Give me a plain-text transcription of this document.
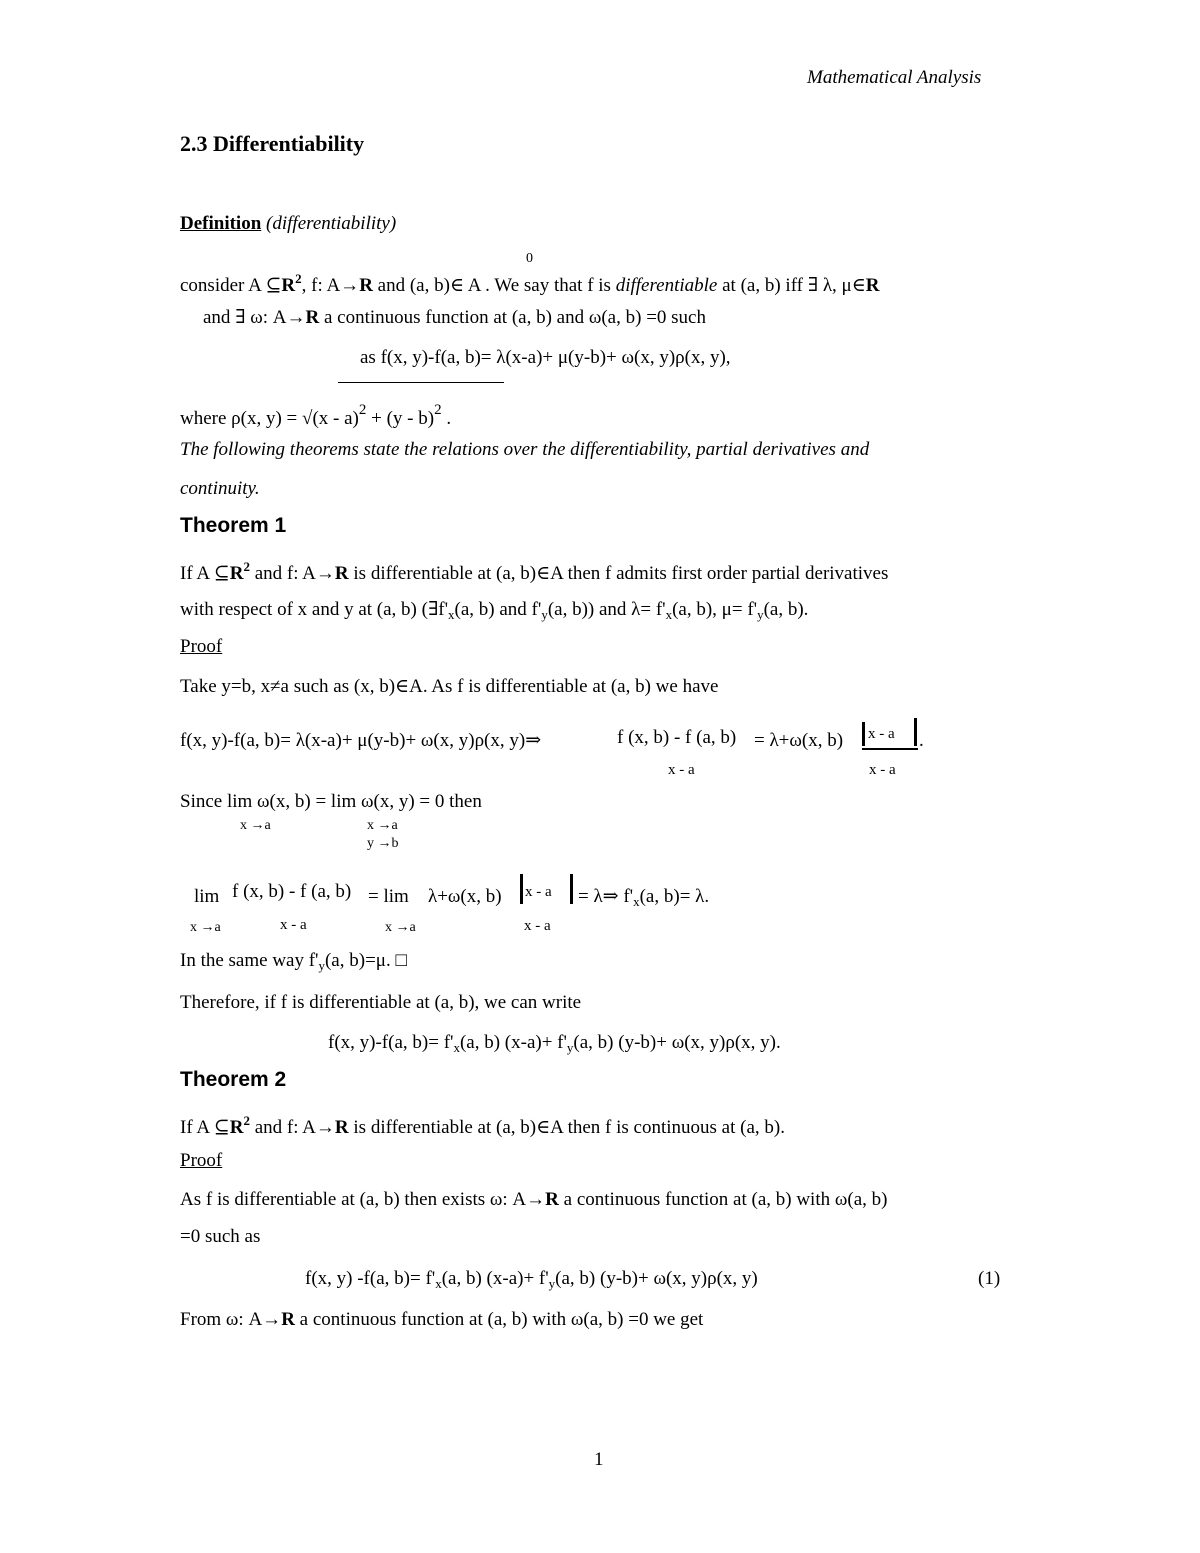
Mathematical Analysis
2.3 Differentiability
Definition (differentiability)
0
consider A $⊆R^2$, f: A→R and (a, b)∈ A . We say that f is differentiable at (a, b) iff ∃ λ, μ∈R
and ∃ ω: A→R a continuous function at (a, b) and ω(a, b) =0 such
as f(x, y)-f(a, b)= λ(x-a)+ μ(y-b)+ ω(x, y)ρ(x, y),
where ρ(x, y) = √(x - a)$^2$ + (y - b)$^2$ .
The following theorems state the relations over the differentiability, partial derivatives and
continuity.
Theorem 1
If A $⊆R^2$ and f: A→R is differentiable at (a, b)∈A then f admits first order partial derivatives
with respect of x and y at (a, b) ($\exists f'_x(a$, b) and $f'_y(a$, b)) and $\lambda= f'_x(a$, b), $\mu= f'_y(a$, b).
Proof
Take y=b, x≠a such as (x, b)∈A. As f is differentiable at (a, b) we have
f(x, y)-f(a, b)= λ(x-a)+ μ(y-b)+ ω(x, y)ρ(x, y)⇒	f (x, b) - f (a, b)
x - a
= λ+ω(x, b) x - a .
x - a
Since lim ω(x, b) = lim ω(x, y) = 0 then
x →a	x →a
y →b
lim
x →a
f (x, b) - f (a, b)
x - a
= lim
x →a
λ+ω(x, b) x - a
x - a
= λ⇒ $f'_x(a$, b)= λ.
In the same way $f'_y(a$, b)=μ. □
Therefore, if f is differentiable at (a, b), we can write
f(x, y)-f(a, $b)= f'_x(a$, b) $(x-a)+ f'_y(a$, b) (y-b)+ ω(x, y)ρ(x, y).
Theorem 2
If A $⊆R^2$ and f: A→R is differentiable at (a, b)∈A then f is continuous at (a, b).
Proof
As f is differentiable at (a, b) then exists ω: A→R a continuous function at (a, b) with ω(a, b)
=0 such as
f(x, y) -f(a, $b)= f'_x(a$, b) $(x-a)+ f'_y(a$, b) (y-b)+ ω(x, y)ρ(x, y)	(1)
From ω: A→R a continuous function at (a, b) with ω(a, b) =0 we get
1
